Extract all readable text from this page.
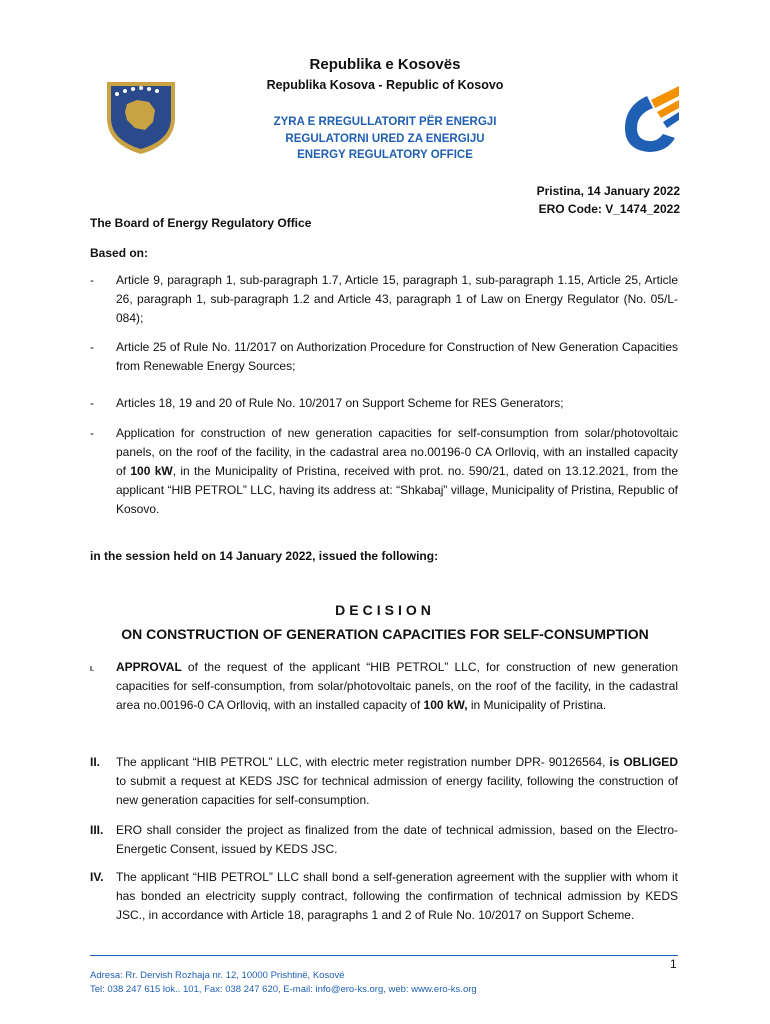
Republika e Kosovës
Republika Kosova - Republic of Kosovo
ZYRA E RREGULLATORIT PËR ENERGJI
REGULATORNI URED ZA ENERGIJU
ENERGY REGULATORY OFFICE
Pristina, 14 January 2022
ERO Code: V_1474_2022
The Board of Energy Regulatory Office
Based on:
- Article 9, paragraph 1, sub-paragraph 1.7, Article 15, paragraph 1, sub-paragraph 1.15, Article 25, Article 26, paragraph 1, sub-paragraph 1.2 and Article 43, paragraph 1 of Law on Energy Regulator (No. 05/L-084);
- Article 25 of Rule No. 11/2017 on Authorization Procedure for Construction of New Generation Capacities from Renewable Energy Sources;
- Articles 18, 19 and 20 of Rule No. 10/2017 on Support Scheme for RES Generators;
- Application for construction of new generation capacities for self-consumption from solar/photovoltaic panels, on the roof of the facility, in the cadastral area no.00196-0 CA Orlloviq, with an installed capacity of 100 kW, in the Municipality of Pristina, received with prot. no. 590/21, dated on 13.12.2021, from the applicant “HIB PETROL” LLC, having its address at: “Shkabaj” village, Municipality of Pristina, Republic of Kosovo.
in the session held on 14 January 2022, issued the following:
DECISION
ON CONSTRUCTION OF GENERATION CAPACITIES FOR SELF-CONSUMPTION
I. APPROVAL of the request of the applicant “HIB PETROL” LLC, for construction of new generation capacities for self-consumption, from solar/photovoltaic panels, on the roof of the facility, in the cadastral area no.00196-0 CA Orlloviq, with an installed capacity of 100 kW, in Municipality of Pristina.
II. The applicant “HIB PETROL” LLC, with electric meter registration number DPR- 90126564, is OBLIGED to submit a request at KEDS JSC for technical admission of energy facility, following the construction of new generation capacities for self-consumption.
III. ERO shall consider the project as finalized from the date of technical admission, based on the Electro-Energetic Consent, issued by KEDS JSC.
IV. The applicant “HIB PETROL” LLC shall bond a self-generation agreement with the supplier with whom it has bonded an electricity supply contract, following the confirmation of technical admission by KEDS JSC., in accordance with Article 18, paragraphs 1 and 2 of Rule No. 10/2017 on Support Scheme.
1
Adresa: Rr. Dervish Rozhaja nr. 12, 10000 Prishtinë, Kosovë
Tel: 038 247 615 lok.. 101, Fax: 038 247 620, E-mail: info@ero-ks.org, web: www.ero-ks.org
